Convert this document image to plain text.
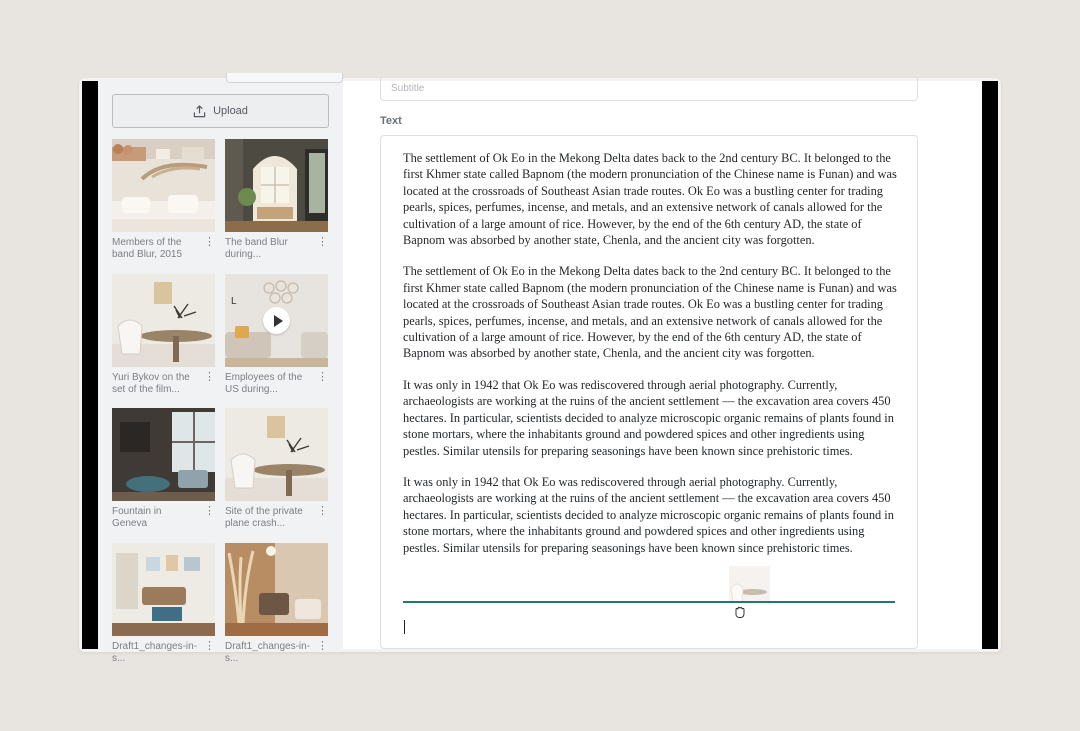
Upload
Members of the band Blur, 2015
⋮ The band Blur during...
⋮
Yuri Bykov on the set of the film...
⋮
L
Employees of the US during...
⋮
Fountain in Geneva
⋮ Site of the private plane crash...
⋮
Draft1_changes-in-s...
⋮ Draft1_changes-in-s...
⋮
Subtitle
Text

The settlement of Ok Eo in the Mekong Delta dates back to the 2nd century BC. It belonged to the first Khmer state called Bapnom (the modern pronunciation of the Chinese name is Funan) and was located at the crossroads of Southeast Asian trade routes. Ok Eo was a bustling center for trading pearls, spices, perfumes, incense, and metals, and an extensive network of canals allowed for the cultivation of a large amount of rice. However, by the end of the 6th century AD, the state of Bapnom was absorbed by another state, Chenla, and the ancient city was forgotten.

The settlement of Ok Eo in the Mekong Delta dates back to the 2nd century BC. It belonged to the first Khmer state called Bapnom (the modern pronunciation of the Chinese name is Funan) and was located at the crossroads of Southeast Asian trade routes. Ok Eo was a bustling center for trading pearls, spices, perfumes, incense, and metals, and an extensive network of canals allowed for the cultivation of a large amount of rice. However, by the end of the 6th century AD, the state of Bapnom was absorbed by another state, Chenla, and the ancient city was forgotten.

It was only in 1942 that Ok Eo was rediscovered through aerial photography. Currently, archaeologists are working at the ruins of the ancient settlement — the excavation area covers 450 hectares. In particular, scientists decided to analyze microscopic organic remains of plants found in stone mortars, where the inhabitants ground and powdered spices and other ingredients using pestles. Similar utensils for preparing seasonings have been known since prehistoric times.

It was only in 1942 that Ok Eo was rediscovered through aerial photography. Currently, archaeologists are working at the ruins of the ancient settlement — the excavation area covers 450 hectares. In particular, scientists decided to analyze microscopic organic remains of plants found in stone mortars, where the inhabitants ground and powdered spices and other ingredients using pestles. Similar utensils for preparing seasonings have been known since prehistoric times.
